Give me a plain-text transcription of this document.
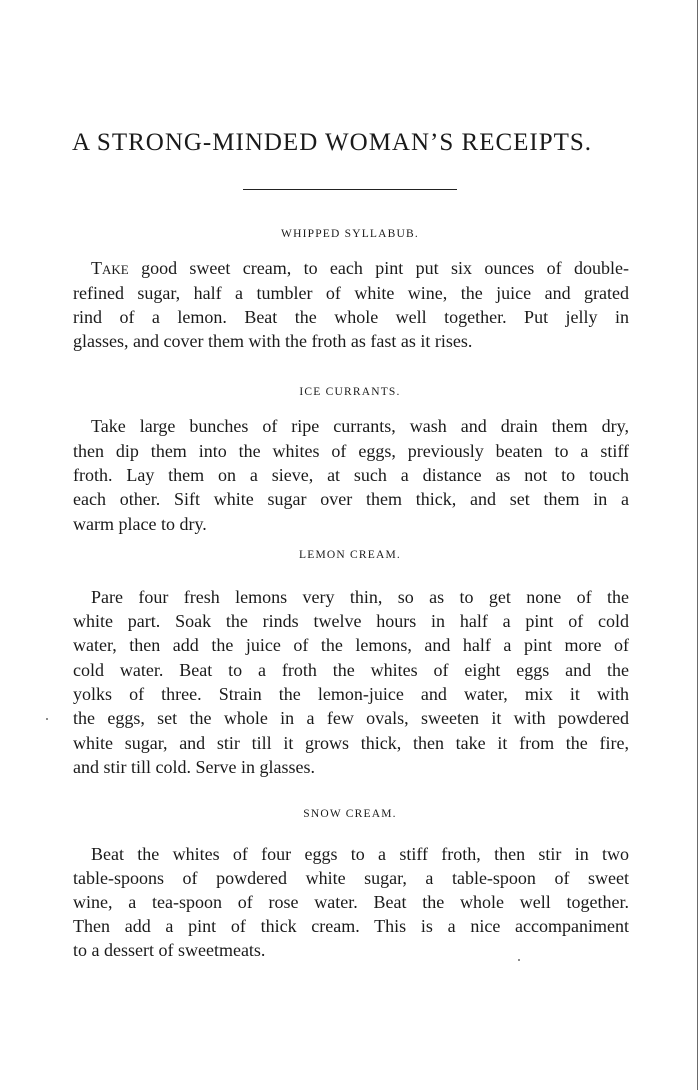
A STRONG-MINDED WOMAN’S RECEIPTS.

WHIPPED SYLLABUB.

Take good sweet cream, to each pint put six ounces of double-

refined sugar, half a tumbler of white wine, the juice and grated

rind of a lemon. Beat the whole well together. Put jelly in

glasses, and cover them with the froth as fast as it rises.

ICE CURRANTS.

Take large bunches of ripe currants, wash and drain them dry,

then dip them into the whites of eggs, previously beaten to a stiff

froth. Lay them on a sieve, at such a distance as not to touch

each other. Sift white sugar over them thick, and set them in a

warm place to dry.

LEMON CREAM.

Pare four fresh lemons very thin, so as to get none of the

white part. Soak the rinds twelve hours in half a pint of cold

water, then add the juice of the lemons, and half a pint more of

cold water. Beat to a froth the whites of eight eggs and the

yolks of three. Strain the lemon-juice and water, mix it with

the eggs, set the whole in a few ovals, sweeten it with powdered

white sugar, and stir till it grows thick, then take it from the fire,

and stir till cold. Serve in glasses.

SNOW CREAM.

Beat the whites of four eggs to a stiff froth, then stir in two

table-spoons of powdered white sugar, a table-spoon of sweet

wine, a tea-spoon of rose water. Beat the whole well together.

Then add a pint of thick cream. This is a nice accompaniment

to a dessert of sweetmeats.
